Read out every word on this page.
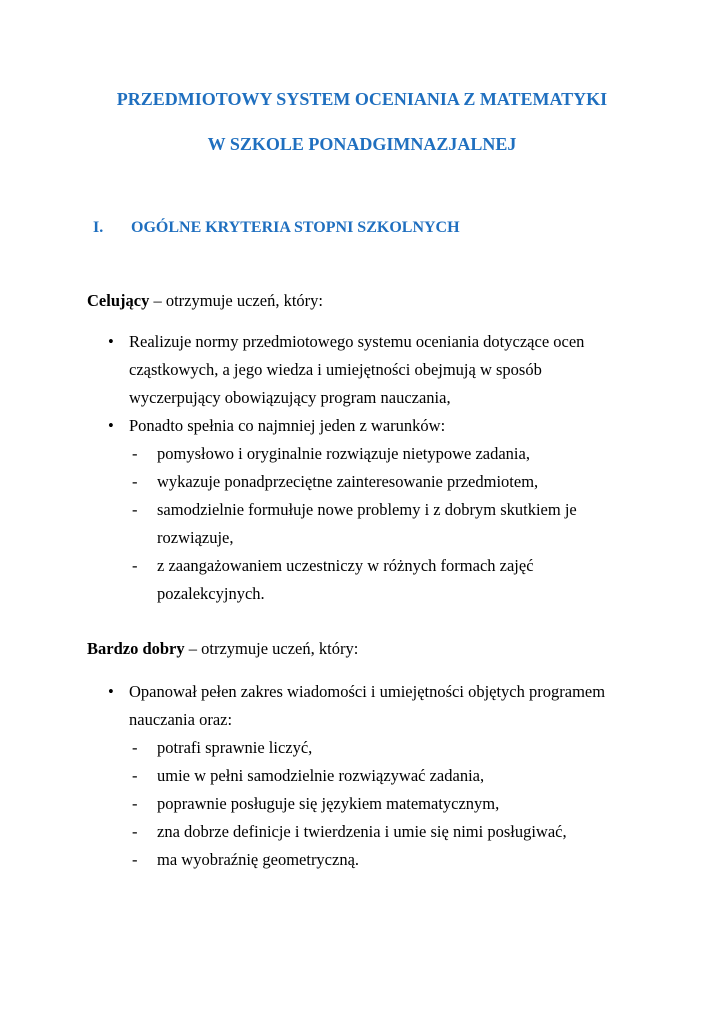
PRZEDMIOTOWY SYSTEM OCENIANIA Z MATEMATYKI
W SZKOLE PONADGIMNAZJALNEJ
I. OGÓLNE KRYTERIA STOPNI SZKOLNYCH

Celujący – otrzymuje uczeń, który:

• Realizuje normy przedmiotowego systemu oceniania dotyczące ocen cząstkowych, a jego wiedza i umiejętności obejmują w sposób wyczerpujący obowiązujący program nauczania,
• Ponadto spełnia co najmniej jeden z warunków:
- pomysłowo i oryginalnie rozwiązuje nietypowe zadania,
- wykazuje ponadprzeciętne zainteresowanie przedmiotem,
- samodzielnie formułuje nowe problemy i z dobrym skutkiem je rozwiązuje,
- z zaangażowaniem uczestniczy w różnych formach zajęć pozalekcyjnych.

Bardzo dobry – otrzymuje uczeń, który:

• Opanował pełen zakres wiadomości i umiejętności objętych programem nauczania oraz:
- potrafi sprawnie liczyć,
- umie w pełni samodzielnie rozwiązywać zadania,
- poprawnie posługuje się językiem matematycznym,
- zna dobrze definicje i twierdzenia i umie się nimi posługiwać,
- ma wyobraźnię geometryczną.
